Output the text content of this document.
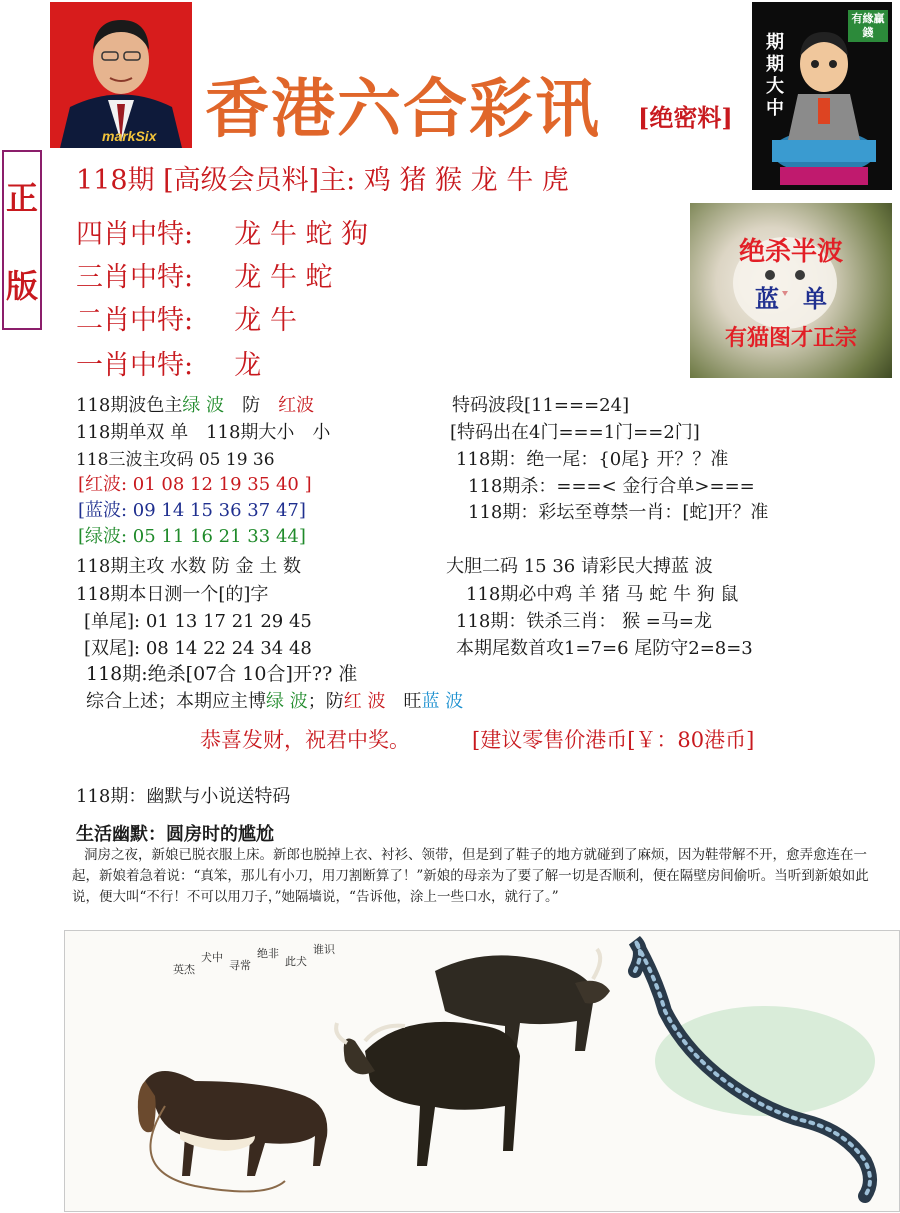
markSix 香港六合彩讯 [绝密料]
期
期
大
中
有緣贏錢
正
版
118期 [高级会员料]主: 鸡 猪 猴 龙 牛 虎
四肖中特: 龙 牛 蛇 狗
三肖中特: 龙 牛 蛇
二肖中特: 龙 牛
一肖中特: 龙
绝杀半波
蓝　单
有猫图才正宗
118期波色主绿 波　 防　 红波
118期单双 单　118期大小　小
118三波主攻码 05 19 36
[红波: 01 08 12 19 35 40 ]
[蓝波: 09 14 15 36 37 47]
[绿波: 05 11 16 21 33 44]
118期主攻 水数 防 金 土 数
118期本日测一个[的]字
[单尾]: 01 13 17 21 29 45
[双尾]: 08 14 22 24 34 48
118期:绝杀[07合 10合]开?? 准
综合上述；本期应主博绿 波；防红 波　 旺蓝 波
特码波段[11===24]
[特码出在4门===1门==2门]
118期：绝一尾：{0尾} 开？？准
118期杀：===< 金行合单>===
118期：彩坛至尊禁一肖：[蛇]开？准
大胆二码 15 36 请彩民大搏蓝 波
118期必中鸡 羊 猪 马 蛇 牛 狗 鼠
118期：铁杀三肖： 猴 =马=龙
本期尾数首攻1=7=6 尾防守2=8=3
恭喜发财，祝君中奖。	[建议零售价港币[￥：80港币]
118期：幽默与小说送特码
生活幽默：圆房时的尴尬
洞房之夜，新娘已脱衣服上床。新郎也脱掉上衣、衬衫、领带，但是到了鞋子的地方就碰到了麻烦，因为鞋带解不开，愈弄愈连在一起，新娘着急着说：“真笨，那儿有小刀，用刀割断算了！”新娘的母亲为了要了解一切是否顺利，便在隔壁房间偷听。当听到新娘如此说，便大叫“不行！不可以用刀子，”她隔墙说，“告诉他，涂上一些口水，就行了。”
谁识
此犬
绝非
寻常
犬中
英杰
